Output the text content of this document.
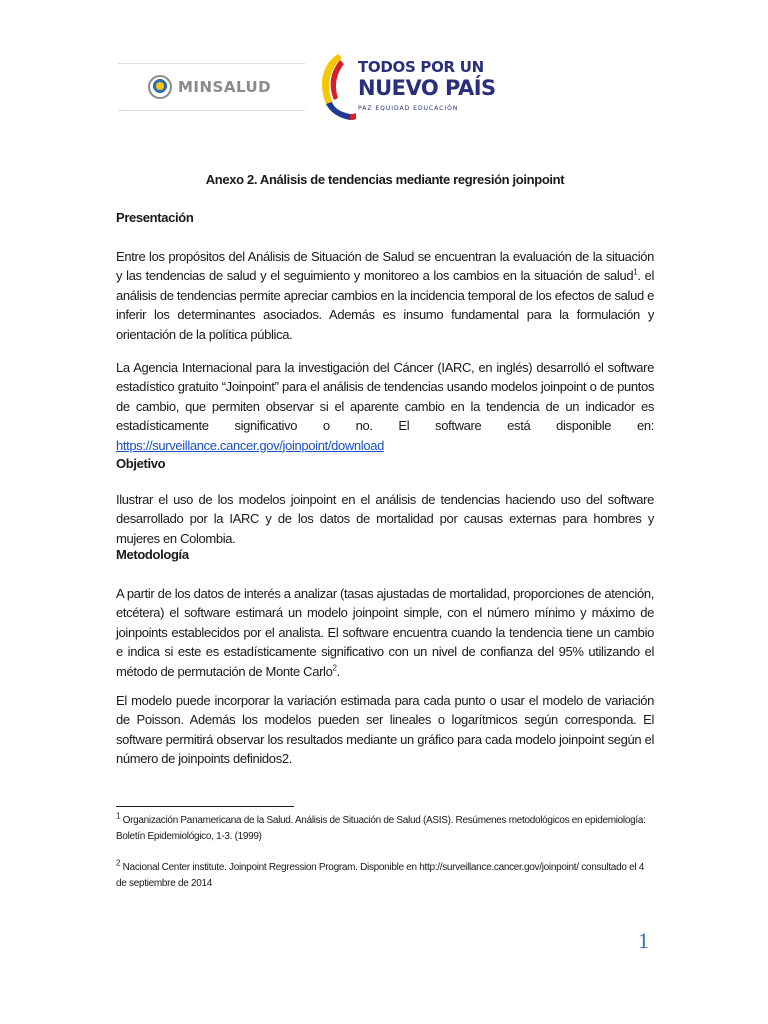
MINSALUD
TODOS POR UN
NUEVO PAÍS
PAZ EQUIDAD EDUCACIÓN
Anexo 2. Análisis de tendencias mediante regresión joinpoint
Presentación
Entre los propósitos del Análisis de Situación de Salud se encuentran la evaluación de la situación y las tendencias de salud y el seguimiento y monitoreo a los cambios en la situación de salud$^1$. el análisis de tendencias permite apreciar cambios en la incidencia temporal de los efectos de salud e inferir los determinantes asociados. Además es insumo fundamental para la formulación y orientación de la política pública.
La Agencia Internacional para la investigación del Cáncer (IARC, en inglés) desarrolló el software estadístico gratuito “Joinpoint” para el análisis de tendencias usando modelos joinpoint o de puntos de cambio, que permiten observar si el aparente cambio en la tendencia de un indicador es estadísticamente significativo o no. El software está disponible en: https://surveillance.cancer.gov/joinpoint/download
Objetivo
Ilustrar el uso de los modelos joinpoint en el análisis de tendencias haciendo uso del software desarrollado por la IARC y de los datos de mortalidad por causas externas para hombres y mujeres en Colombia.
Metodología
A partir de los datos de interés a analizar (tasas ajustadas de mortalidad, proporciones de atención, etcétera) el software estimará un modelo joinpoint simple, con el número mínimo y máximo de joinpoints establecidos por el analista. El software encuentra cuando la tendencia tiene un cambio e indica si este es estadísticamente significativo con un nivel de confianza del 95% utilizando el método de permutación de Monte Carlo$^2$.
El modelo puede incorporar la variación estimada para cada punto o usar el modelo de variación de Poisson. Además los modelos pueden ser lineales o logarítmicos según corresponda. El software permitirá observar los resultados mediante un gráfico para cada modelo joinpoint según el número de joinpoints definidos2.
$^1$ Organización Panamericana de la Salud. Análisis de Situación de Salud (ASIS). Resúmenes metodológicos en epidemiología: Boletín Epidemiológico, 1-3. (1999)
$^2$ Nacional Center institute. Joinpoint Regression Program. Disponible en http://surveillance.cancer.gov/joinpoint/ consultado el 4 de septiembre de 2014
1
